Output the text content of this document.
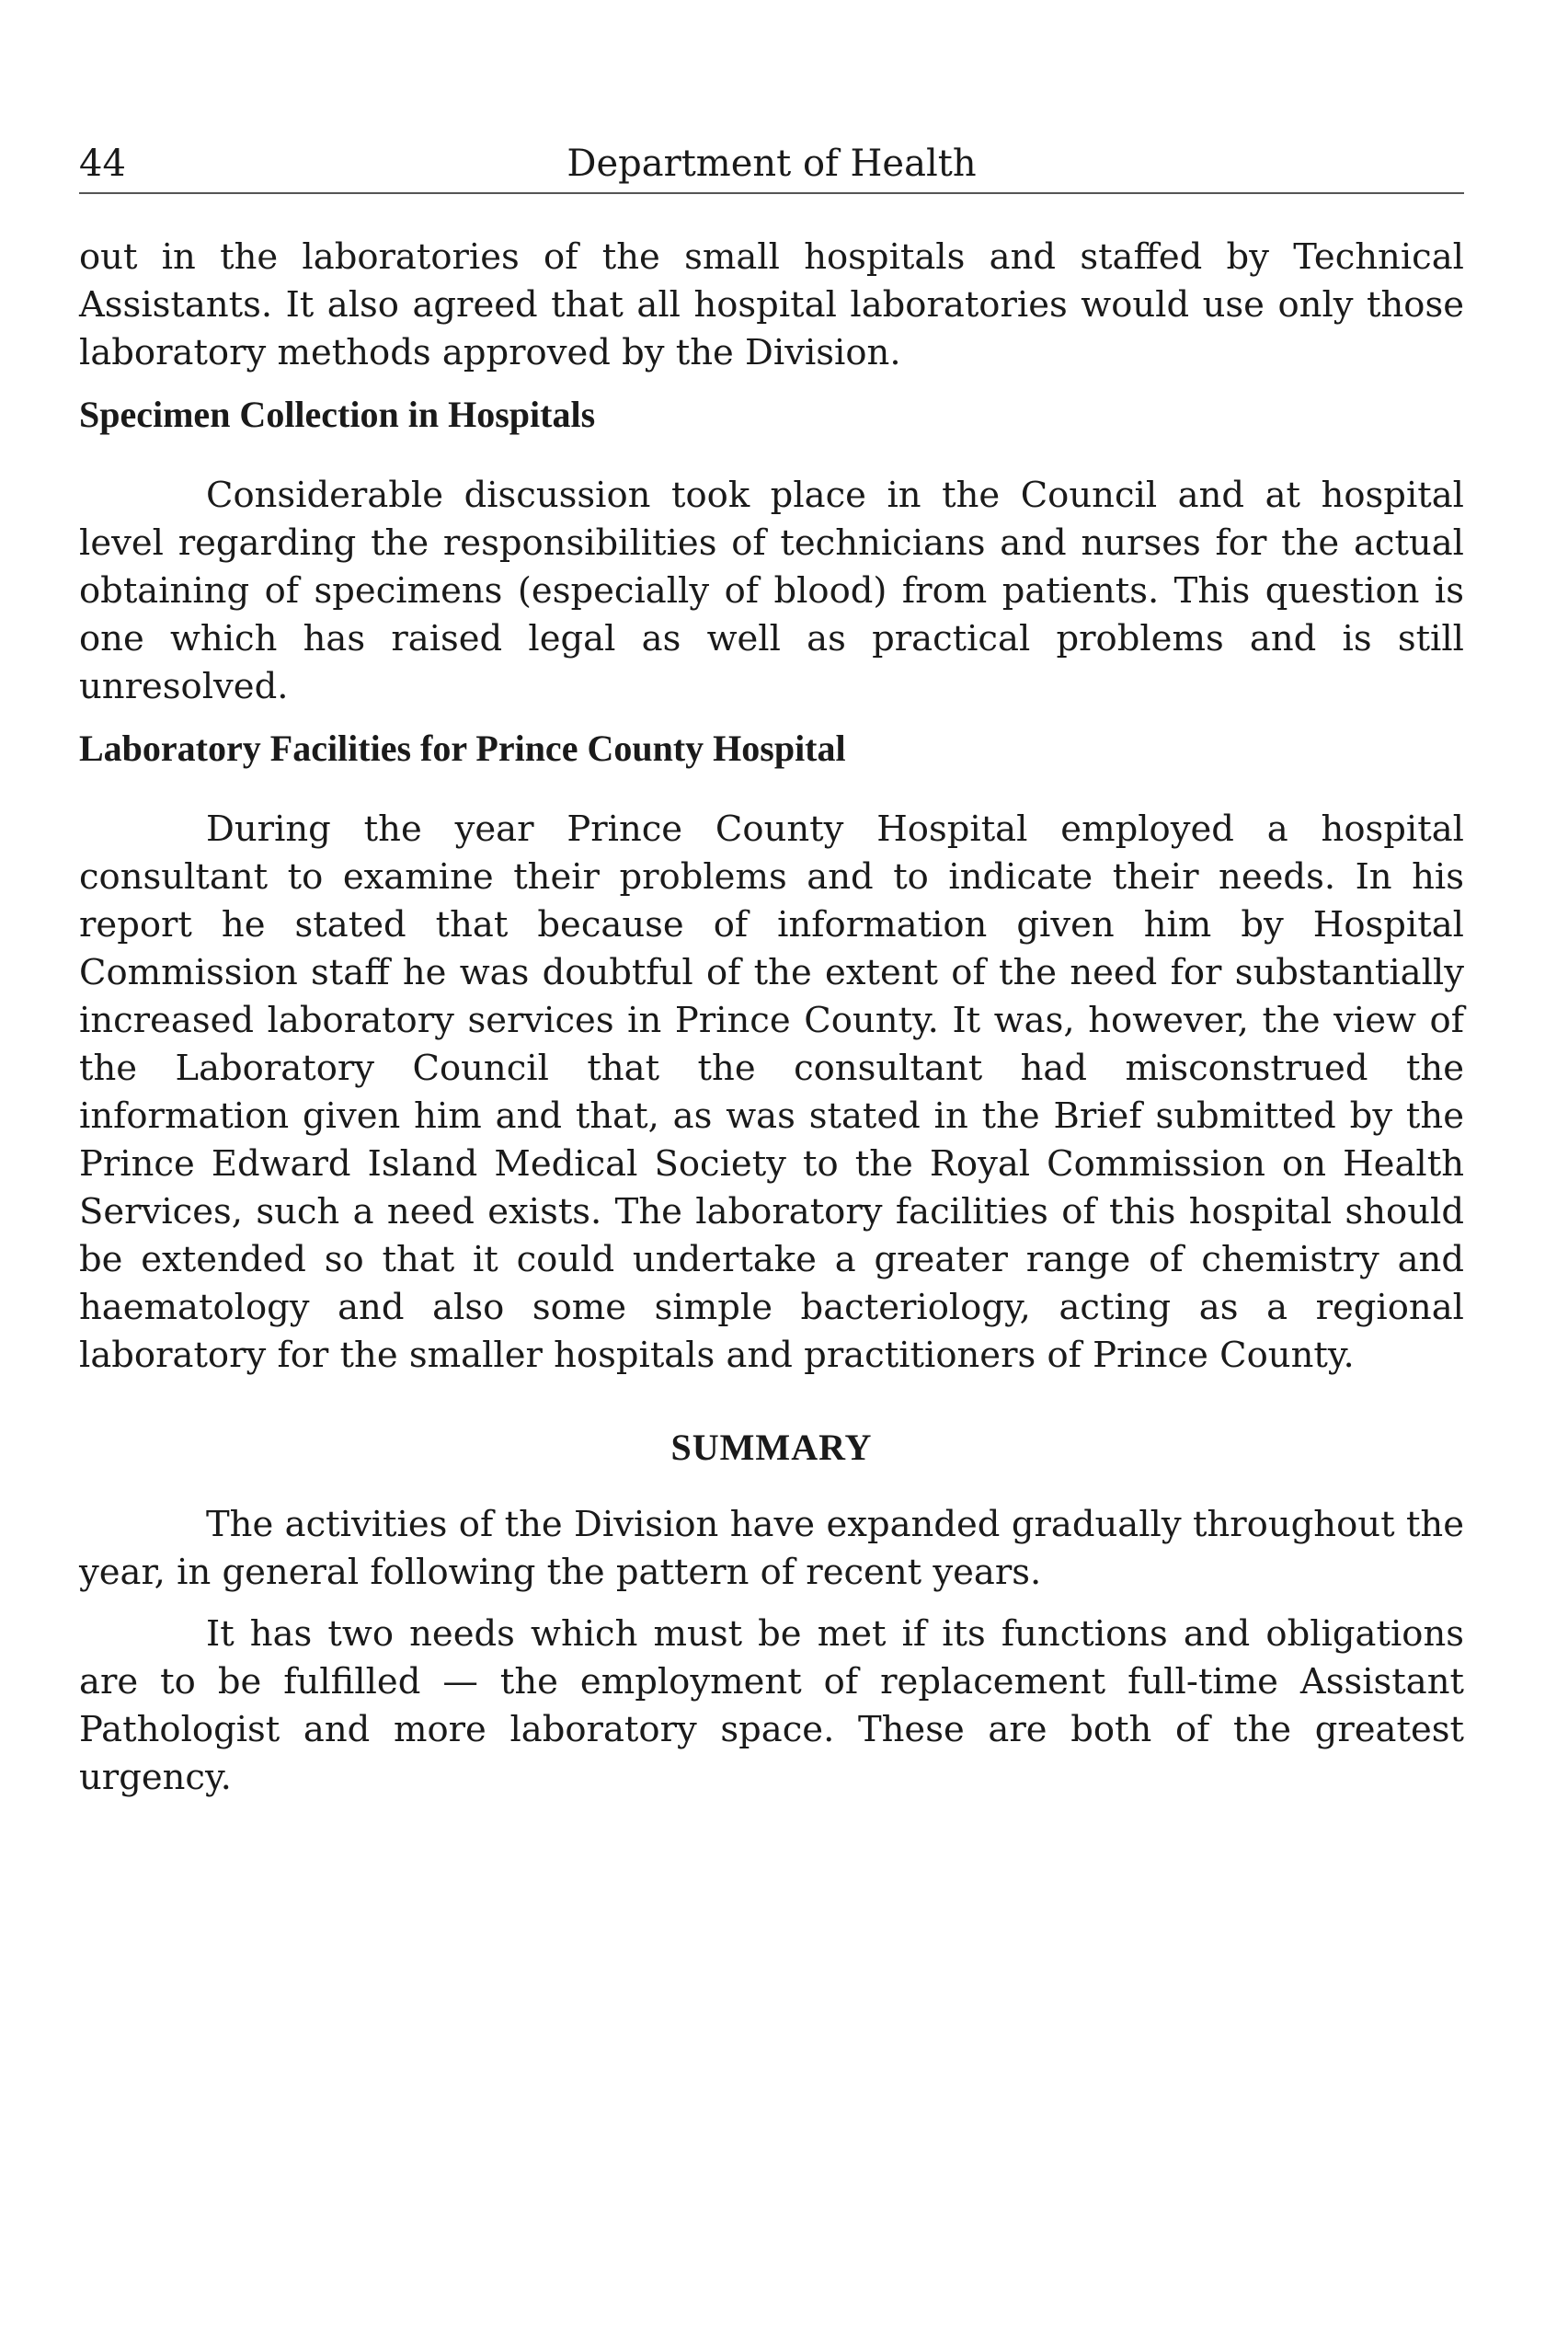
44	Department of Health

out in the laboratories of the small hospitals and staffed by Technical Assistants. It also agreed that all hospital laboratories would use only those laboratory methods approved by the Division.

Specimen Collection in Hospitals

Considerable discussion took place in the Council and at hospital level regarding the responsibilities of technicians and nurses for the actual obtaining of specimens (especially of blood) from patients. This question is one which has raised legal as well as practical problems and is still unresolved.

Laboratory Facilities for Prince County Hospital

During the year Prince County Hospital employed a hospital consultant to examine their problems and to indicate their needs. In his report he stated that because of information given him by Hospital Commission staff he was doubtful of the extent of the need for substantially increased laboratory services in Prince County. It was, however, the view of the Laboratory Council that the consultant had misconstrued the information given him and that, as was stated in the Brief submitted by the Prince Edward Island Medical Society to the Royal Commission on Health Services, such a need exists. The laboratory facilities of this hospital should be extended so that it could undertake a greater range of chemistry and haematology and also some simple bacteriology, acting as a regional laboratory for the smaller hospitals and practitioners of Prince County.

SUMMARY

The activities of the Division have expanded gradually throughout the year, in general following the pattern of recent years.

It has two needs which must be met if its functions and obligations are to be fulfilled — the employment of replacement full-time Assistant Pathologist and more laboratory space. These are both of the greatest urgency.
